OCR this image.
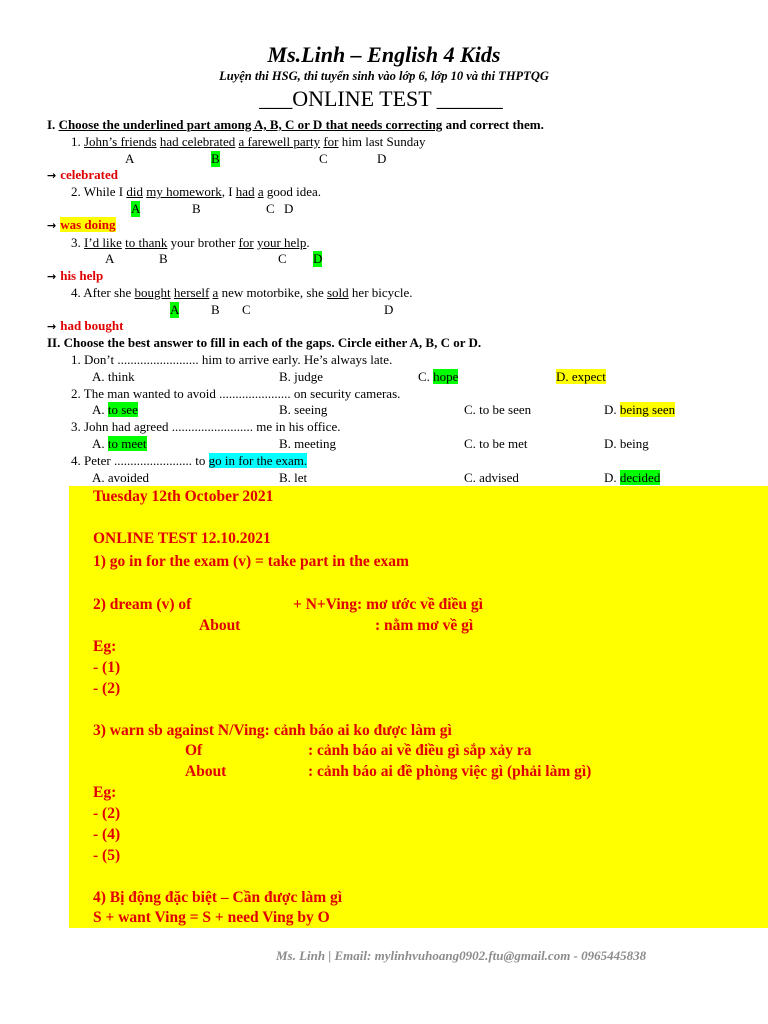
Ms.Linh – English 4 Kids
Luyện thi HSG, thi tuyển sinh vào lớp 6, lớp 10 và thi THPTQG
___ONLINE TEST ______
I. Choose the underlined part among A, B, C or D that needs correcting and correct them.
1. John’s friends had celebrated a farewell party for him last Sunday
A	B	C	D
→ celebrated
2. While I did my homework, I had a good idea.
A	B	C D
→ was doing
3. I’d like to thank your brother for your help.
A	B	C D
→ his help
4. After she bought herself a new motorbike, she sold her bicycle.
A B C	D
→ had bought
II. Choose the best answer to fill in each of the gaps. Circle either A, B, C or D.
1. Don’t ......................... him to arrive early. He’s always late.
A. think	B. judge	C. hope	D. expect
2. The man wanted to avoid ...................... on security cameras.
A. to see	B. seeing	C. to be seen	D. being seen
3. John had agreed ......................... me in his office.
A. to meet	B. meeting	C. to be met	D. being
4. Peter ........................ to go in for the exam.
A. avoided	B. let	C. advised	D. decided
Tuesday 12th October 2021
ONLINE TEST 12.10.2021
1) go in for the exam (v) = take part in the exam
2) dream (v) of	+ N+Ving: mơ ước về điều gì
About	: nằm mơ về gì
Eg:
- (1)
- (2)
3) warn sb against N/Ving: cảnh báo ai ko được làm gì
Of	: cảnh báo ai về điều gì sắp xảy ra
About	: cảnh báo ai đề phòng việc gì (phải làm gì)
Eg:
- (2)
- (4)
- (5)
4) Bị động đặc biệt – Cần được làm gì
S + want Ving = S + need Ving by O
Ms. Linh | Email: mylinhvuhoang0902.ftu@gmail.com - 0965445838
